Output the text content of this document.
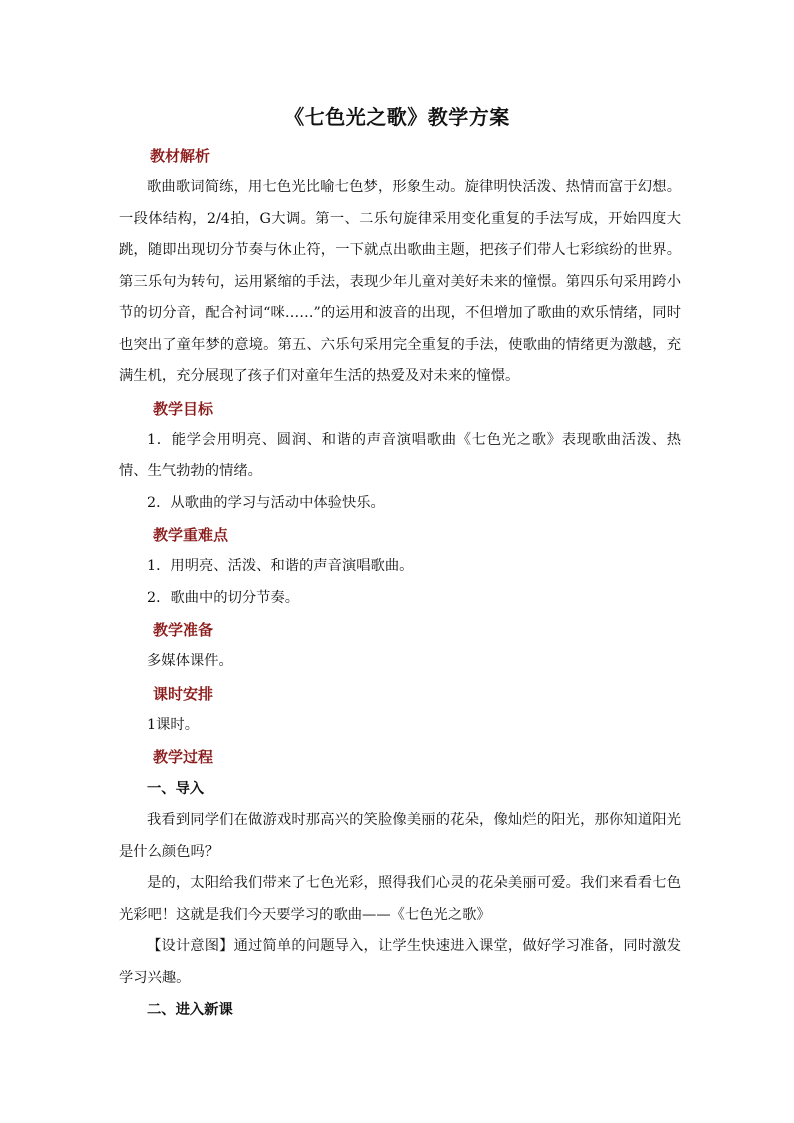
《七色光之歌》教学方案
教材解析

歌曲歌词简练，用七色光比喻七色梦，形象生动。旋律明快活泼、热情而富于幻想。一段体结构，2/4拍，G大调。第一、二乐句旋律采用变化重复的手法写成，开始四度大跳，随即出现切分节奏与休止符，一下就点出歌曲主题，把孩子们带人七彩缤纷的世界。第三乐句为转句，运用紧缩的手法，表现少年儿童对美好未来的憧憬。第四乐句采用跨小节的切分音，配合衬词“咪……”的运用和波音的出现，不但增加了歌曲的欢乐情绪，同时也突出了童年梦的意境。第五、六乐句采用完全重复的手法，使歌曲的情绪更为激越，充满生机，充分展现了孩子们对童年生活的热爱及对未来的憧憬。

教学目标

1．能学会用明亮、圆润、和谐的声音演唱歌曲《七色光之歌》表现歌曲活泼、热情、生气勃勃的情绪。

2．从歌曲的学习与活动中体验快乐。

教学重难点

1．用明亮、活泼、和谐的声音演唱歌曲。

2．歌曲中的切分节奏。

教学准备

多媒体课件。

课时安排

1课时。

教学过程
一、导入

我看到同学们在做游戏时那高兴的笑脸像美丽的花朵，像灿烂的阳光，那你知道阳光是什么颜色吗？

是的，太阳给我们带来了七色光彩，照得我们心灵的花朵美丽可爱。我们来看看七色光彩吧！这就是我们今天要学习的歌曲——《七色光之歌》

【设计意图】通过简单的问题导入，让学生快速进入课堂，做好学习准备，同时激发学习兴趣。

二、进入新课
